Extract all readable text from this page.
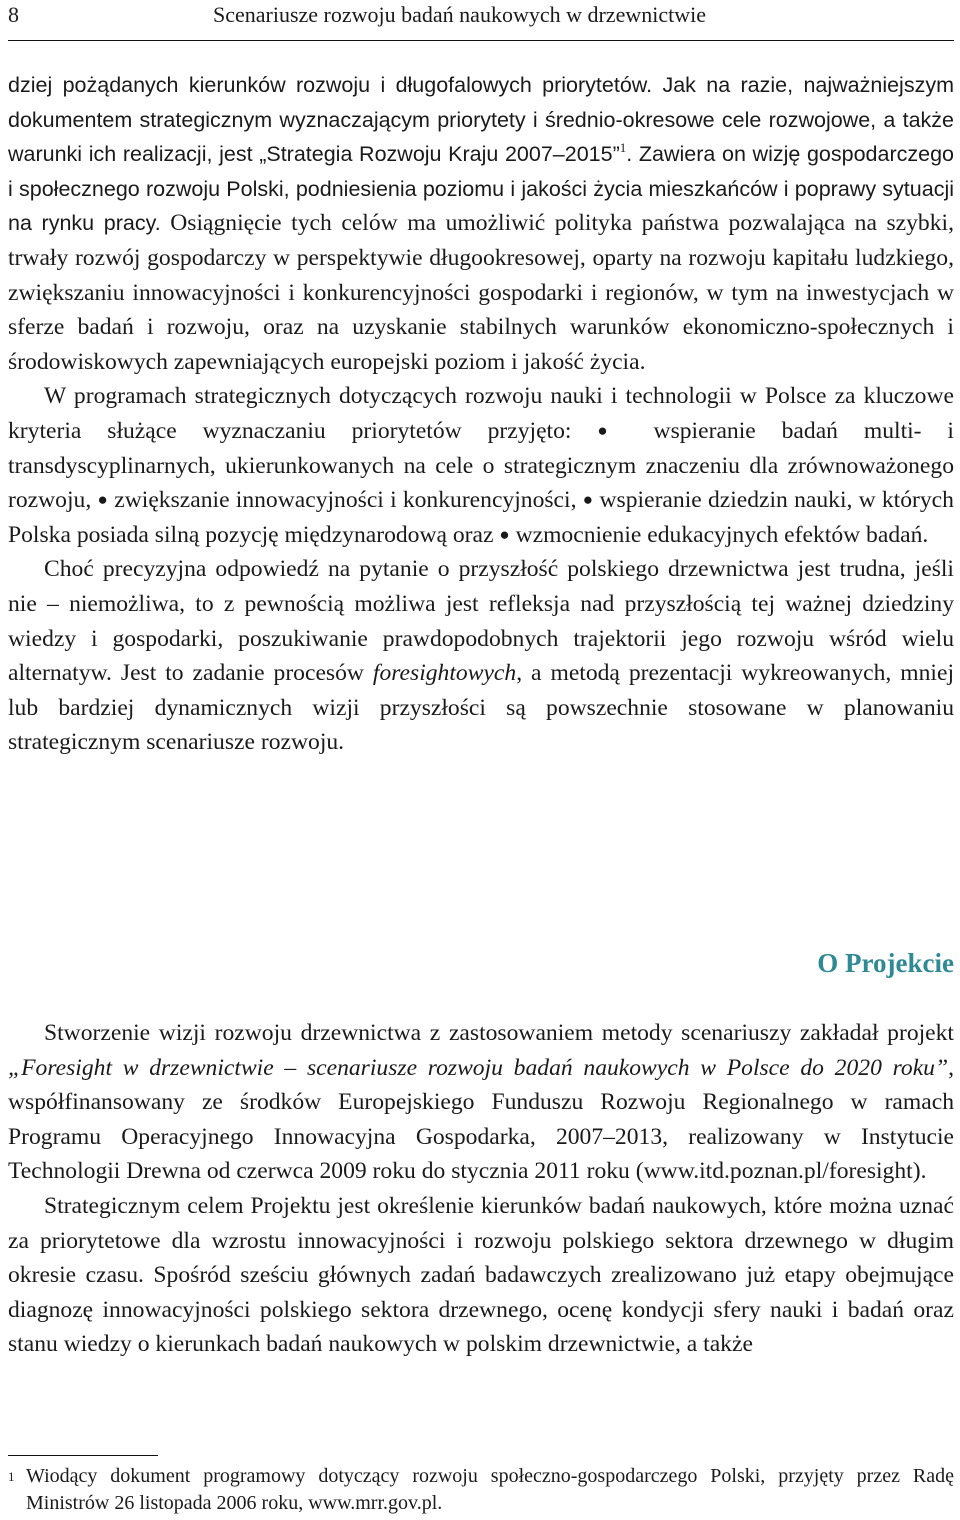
8	Scenariusze rozwoju badań naukowych w drzewnictwie

dziej pożądanych kierunków rozwoju i długofalowych priorytetów. Jak na razie, najważniejszym dokumentem strategicznym wyznaczającym priorytety i średnio-okresowe cele rozwojowe, a także warunki ich realizacji, jest „Strategia Rozwoju Kraju 2007–2015”$^1$. Zawiera on wizję gospodarczego i społecznego rozwoju Polski, podniesienia poziomu i jakości życia mieszkańców i poprawy sytuacji na rynku pracy. Osiągnięcie tych celów ma umożliwić polityka państwa pozwalająca na szybki, trwały rozwój gospodarczy w perspektywie długookresowej, oparty na rozwoju kapitału ludzkiego, zwiększaniu innowacyjności i konkurencyjności gospodarki i regionów, w tym na inwestycjach w sferze badań i rozwoju, oraz na uzyskanie stabilnych warunków ekonomiczno-społecznych i środowiskowych zapewniających europejski poziom i jakość życia.

W programach strategicznych dotyczących rozwoju nauki i technologii w Polsce za kluczowe kryteria służące wyznaczaniu priorytetów przyjęto: ● wspieranie badań multi- i transdyscyplinarnych, ukierunkowanych na cele o strategicznym znaczeniu dla zrównoważonego rozwoju, ● zwiększanie innowacyjności i konkurencyjności, ● wspieranie dziedzin nauki, w których Polska posiada silną pozycję międzynarodową oraz ● wzmocnienie edukacyjnych efektów badań.

Choć precyzyjna odpowiedź na pytanie o przyszłość polskiego drzewnictwa jest trudna, jeśli nie – niemożliwa, to z pewnością możliwa jest refleksja nad przyszłością tej ważnej dziedziny wiedzy i gospodarki, poszukiwanie prawdopodobnych trajektorii jego rozwoju wśród wielu alternatyw. Jest to zadanie procesów foresightowych, a metodą prezentacji wykreowanych, mniej lub bardziej dynamicznych wizji przyszłości są powszechnie stosowane w planowaniu strategicznym scenariusze rozwoju.

O Projekcie

Stworzenie wizji rozwoju drzewnictwa z zastosowaniem metody scenariuszy zakładał projekt „Foresight w drzewnictwie – scenariusze rozwoju badań naukowych w Polsce do 2020 roku”, współfinansowany ze środków Europejskiego Funduszu Rozwoju Regionalnego w ramach Programu Operacyjnego Innowacyjna Gospodarka, 2007–2013, realizowany w Instytucie Technologii Drewna od czerwca 2009 roku do stycznia 2011 roku (www.itd.poznan.pl/foresight).

Strategicznym celem Projektu jest określenie kierunków badań naukowych, które można uznać za priorytetowe dla wzrostu innowacyjności i rozwoju polskiego sektora drzewnego w długim okresie czasu. Spośród sześciu głównych zadań badawczych zrealizowano już etapy obejmujące diagnozę innowacyjności polskiego sektora drzewnego, ocenę kondycji sfery nauki i badań oraz stanu wiedzy o kierunkach badań naukowych w polskim drzewnictwie, a także

1 Wiodący dokument programowy dotyczący rozwoju społeczno-gospodarczego Polski, przyjęty przez Radę Ministrów 26 listopada 2006 roku, www.mrr.gov.pl.
